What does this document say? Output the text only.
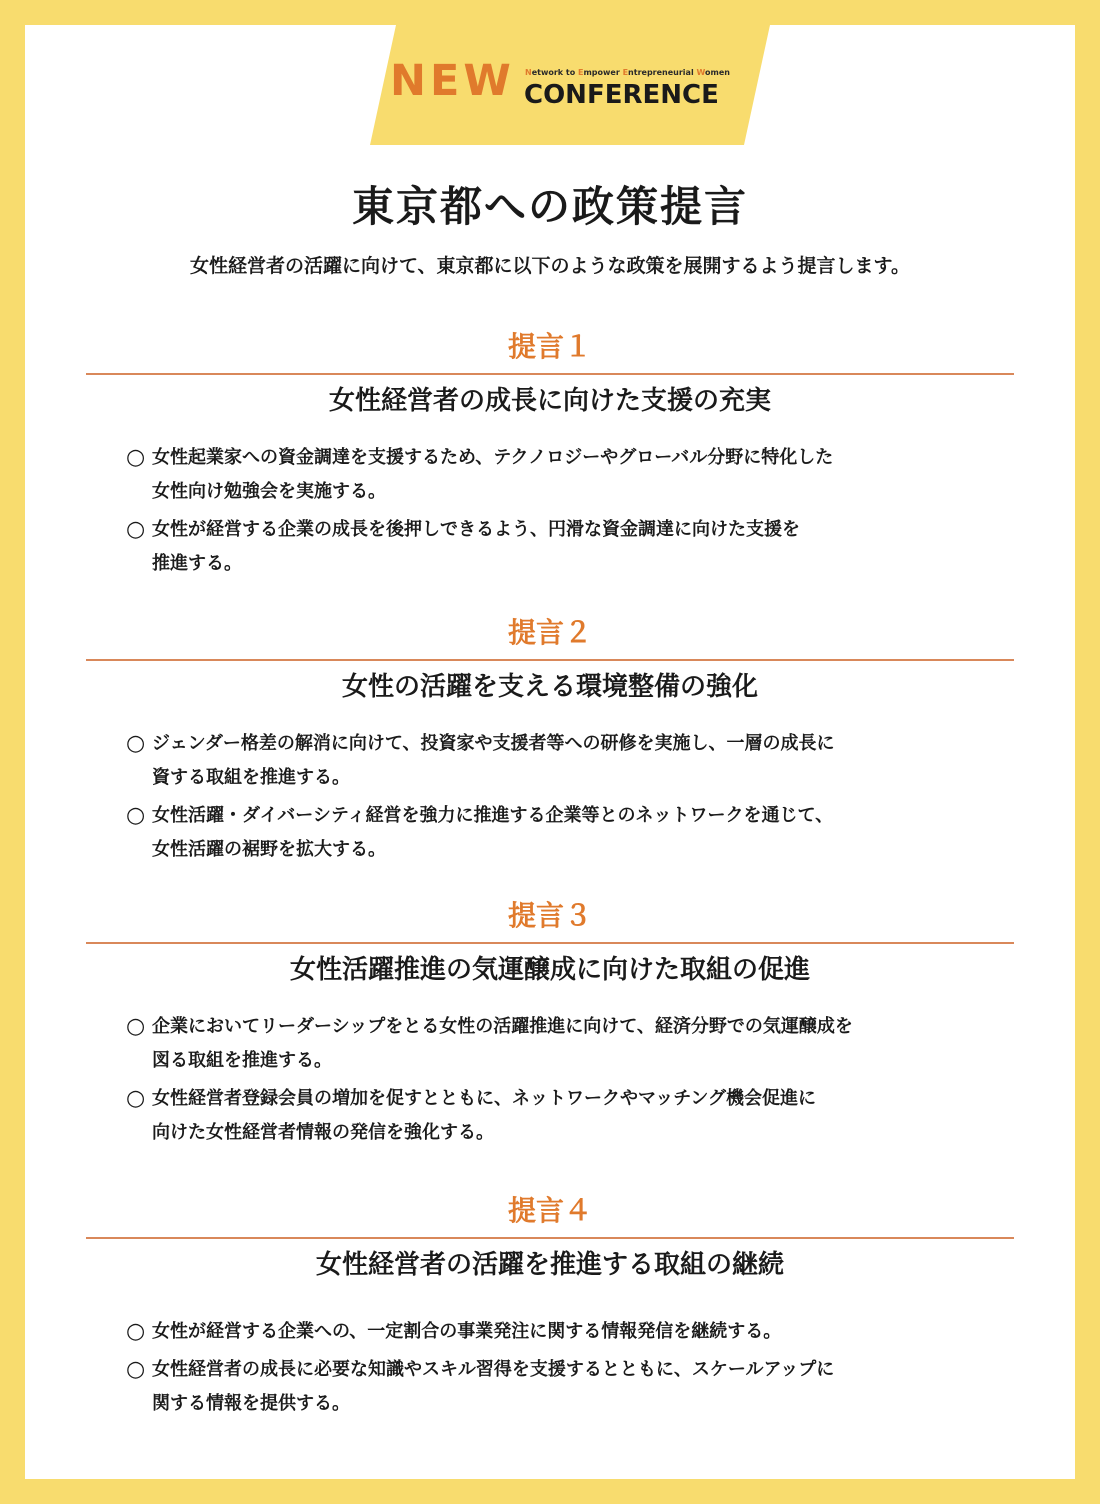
NEW Network to Empower Entrepreneurial Women
CONFERENCE
東京都への政策提言
女性経営者の活躍に向けて、東京都に以下のような政策を展開するよう提言します。
提言１
女性経営者の成長に向けた支援の充実
○ 女性起業家への資金調達を支援するため、テクノロジーやグローバル分野に特化した
女性向け勉強会を実施する。
○ 女性が経営する企業の成長を後押しできるよう、円滑な資金調達に向けた支援を
推進する。
提言２
女性の活躍を支える環境整備の強化
○ ジェンダー格差の解消に向けて、投資家や支援者等への研修を実施し、一層の成長に
資する取組を推進する。
○ 女性活躍・ダイバーシティ経営を強力に推進する企業等とのネットワークを通じて、
女性活躍の裾野を拡大する。
提言３
女性活躍推進の気運醸成に向けた取組の促進
○ 企業においてリーダーシップをとる女性の活躍推進に向けて、経済分野での気運醸成を
図る取組を推進する。
○ 女性経営者登録会員の増加を促すとともに、ネットワークやマッチング機会促進に
向けた女性経営者情報の発信を強化する。
提言４
女性経営者の活躍を推進する取組の継続
○ 女性が経営する企業への、一定割合の事業発注に関する情報発信を継続する。
○ 女性経営者の成長に必要な知識やスキル習得を支援するとともに、スケールアップに
関する情報を提供する。
